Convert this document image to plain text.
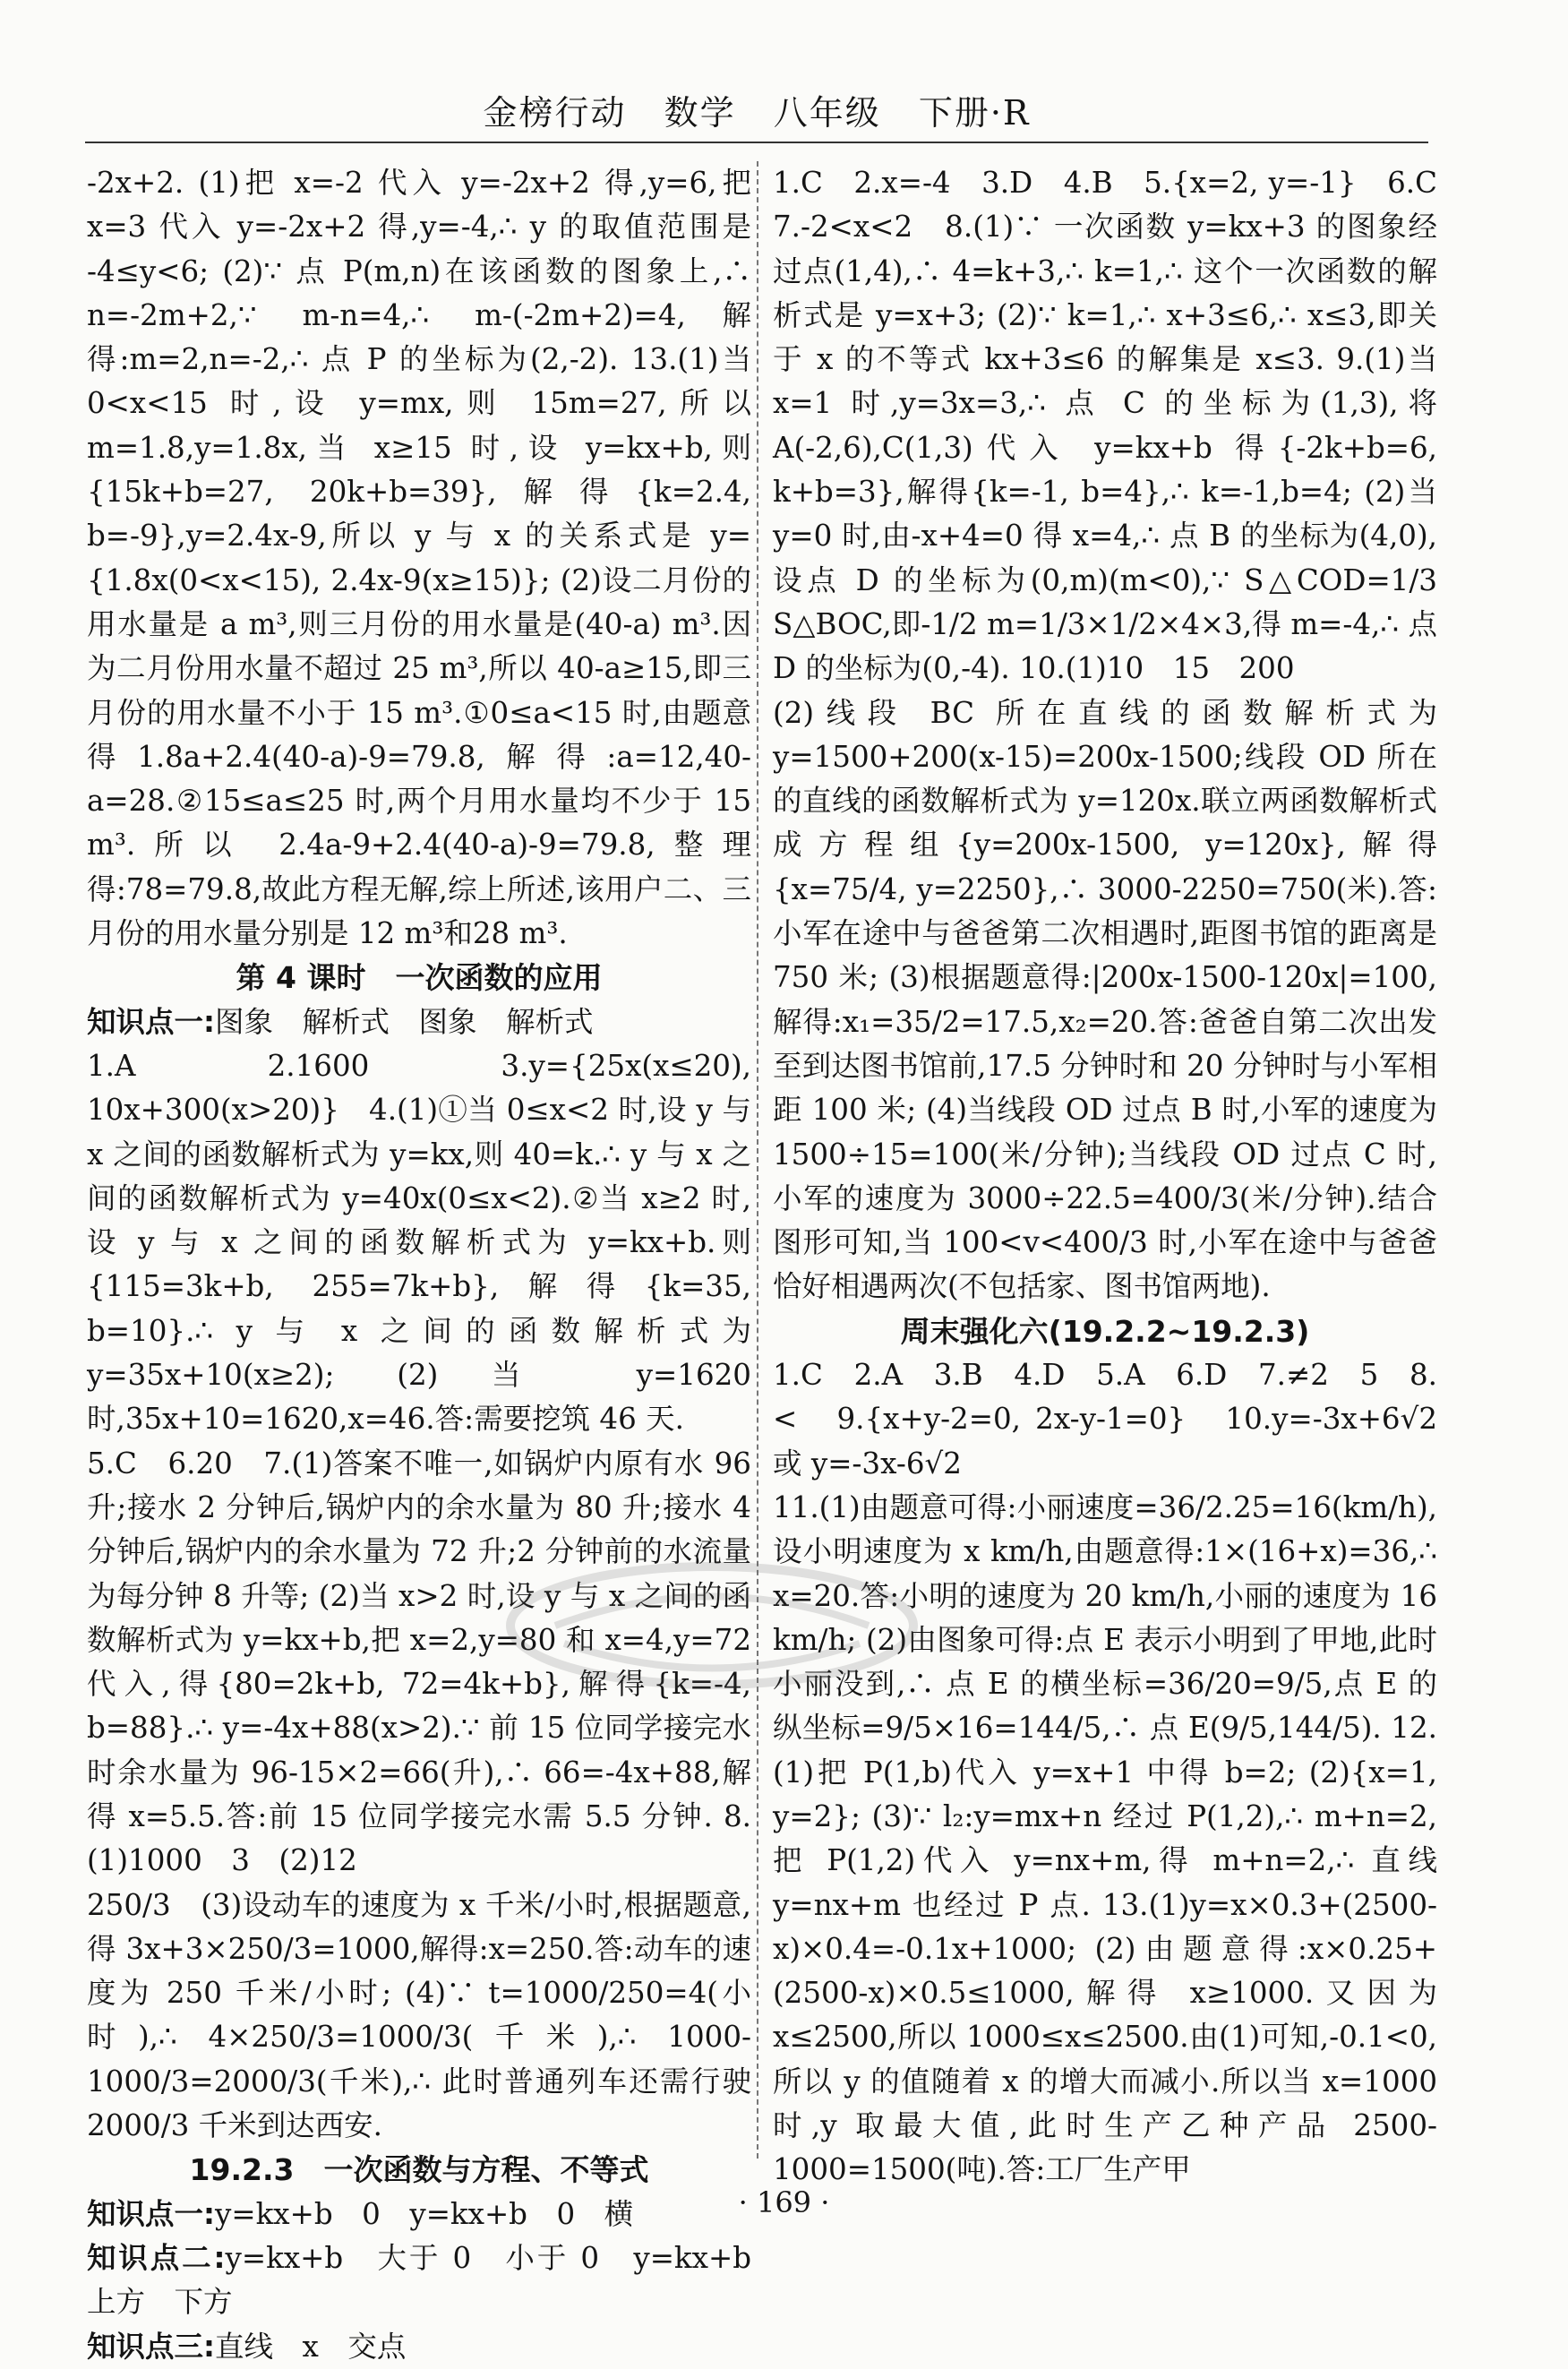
金榜行动 数学 八年级 下册·R

-2x+2. (1)把 x=-2 代入 y=-2x+2 得,y=6,把 x=3 代入 y=-2x+2 得,y=-4,∴ y 的取值范围是 -4≤y<6; (2)∵ 点 P(m,n)在该函数的图象上,∴ n=-2m+2,∵ m-n=4,∴ m-(-2m+2)=4,解得:m=2,n=-2,∴ 点 P 的坐标为(2,-2). 13.(1)当 0<x<15 时,设 y=mx,则 15m=27,所以 m=1.8,y=1.8x,当 x≥15 时,设 y=kx+b,则{15k+b=27, 20k+b=39},解得{k=2.4, b=-9},y=2.4x-9,所以 y 与 x 的关系式是 y={1.8x(0<x<15), 2.4x-9(x≥15)}; (2)设二月份的用水量是 a m³,则三月份的用水量是(40-a) m³.因为二月份用水量不超过 25 m³,所以 40-a≥15,即三月份的用水量不小于 15 m³.①0≤a<15 时,由题意得1.8a+2.4(40-a)-9=79.8,解得:a=12,40-a=28.②15≤a≤25 时,两个月用水量均不少于 15 m³.所以 2.4a-9+2.4(40-a)-9=79.8,整理得:78=79.8,故此方程无解,综上所述,该用户二、三月份的用水量分别是 12 m³和28 m³.

第 4 课时　一次函数的应用

知识点一:图象　解析式　图象　解析式

1.A　2.1600　3.y={25x(x≤20), 10x+300(x>20)}　4.(1)①当 0≤x<2 时,设 y 与 x 之间的函数解析式为 y=kx,则 40=k.∴ y 与 x 之间的函数解析式为 y=40x(0≤x<2).②当 x≥2 时,设 y 与 x 之间的函数解析式为 y=kx+b.则{115=3k+b, 255=7k+b},解得{k=35, b=10}.∴ y 与 x 之间的函数解析式为 y=35x+10(x≥2); (2)当 y=1620 时,35x+10=1620,x=46.答:需要挖筑 46 天.

5.C　6.20　7.(1)答案不唯一,如锅炉内原有水 96 升;接水 2 分钟后,锅炉内的余水量为 80 升;接水 4 分钟后,锅炉内的余水量为 72 升;2 分钟前的水流量为每分钟 8 升等; (2)当 x>2 时,设 y 与 x 之间的函数解析式为 y=kx+b,把 x=2,y=80 和 x=4,y=72 代入,得{80=2k+b, 72=4k+b},解得{k=-4, b=88}.∴ y=-4x+88(x>2).∵ 前 15 位同学接完水时余水量为 96-15×2=66(升),∴ 66=-4x+88,解得 x=5.5.答:前 15 位同学接完水需 5.5 分钟. 8.(1)1000　3　(2)12

250/3　(3)设动车的速度为 x 千米/小时,根据题意,得 3x+3×250/3=1000,解得:x=250.答:动车的速度为 250 千米/小时; (4)∵ t=1000/250=4(小时),∴ 4×250/3=1000/3(千米),∴ 1000-1000/3=2000/3(千米),∴ 此时普通列车还需行驶 2000/3 千米到达西安.

19.2.3　一次函数与方程、不等式

知识点一:y=kx+b　0　y=kx+b　0　横

知识点二:y=kx+b　大于 0　小于 0　y=kx+b　上方　下方

知识点三:直线　x　交点

1.C　2.x=-4　3.D　4.B　5.{x=2, y=-1}　6.C　7.-2<x<2　8.(1)∵ 一次函数 y=kx+3 的图象经过点(1,4),∴ 4=k+3,∴ k=1,∴ 这个一次函数的解析式是 y=x+3; (2)∵ k=1,∴ x+3≤6,∴ x≤3,即关于 x 的不等式 kx+3≤6 的解集是 x≤3. 9.(1)当 x=1 时,y=3x=3,∴ 点 C 的坐标为(1,3),将 A(-2,6),C(1,3)代入 y=kx+b 得{-2k+b=6, k+b=3},解得{k=-1, b=4},∴ k=-1,b=4; (2)当 y=0 时,由-x+4=0 得 x=4,∴ 点 B 的坐标为(4,0),设点 D 的坐标为(0,m)(m<0),∵ S△COD=1/3 S△BOC,即-1/2 m=1/3×1/2×4×3,得 m=-4,∴ 点 D 的坐标为(0,-4). 10.(1)10　15　200

(2)线段 BC 所在直线的函数解析式为 y=1500+200(x-15)=200x-1500;线段 OD 所在的直线的函数解析式为 y=120x.联立两函数解析式成方程组{y=200x-1500, y=120x},解得{x=75/4, y=2250},∴ 3000-2250=750(米).答:小军在途中与爸爸第二次相遇时,距图书馆的距离是 750 米; (3)根据题意得:|200x-1500-120x|=100,解得:x₁=35/2=17.5,x₂=20.答:爸爸自第二次出发至到达图书馆前,17.5 分钟时和 20 分钟时与小军相距 100 米; (4)当线段 OD 过点 B 时,小军的速度为 1500÷15=100(米/分钟);当线段 OD 过点 C 时,小军的速度为 3000÷22.5=400/3(米/分钟).结合图形可知,当 100<v<400/3 时,小军在途中与爸爸恰好相遇两次(不包括家、图书馆两地).

周末强化六(19.2.2~19.2.3)

1.C　2.A　3.B　4.D　5.A　6.D　7.≠2　5　8.<　9.{x+y-2=0, 2x-y-1=0}　10.y=-3x+6√2 或 y=-3x-6√2

11.(1)由题意可得:小丽速度=36/2.25=16(km/h),设小明速度为 x km/h,由题意得:1×(16+x)=36,∴ x=20.答:小明的速度为 20 km/h,小丽的速度为 16 km/h; (2)由图象可得:点 E 表示小明到了甲地,此时小丽没到,∴ 点 E 的横坐标=36/20=9/5,点 E 的纵坐标=9/5×16=144/5,∴ 点 E(9/5,144/5). 12.(1)把 P(1,b)代入 y=x+1 中得 b=2; (2){x=1, y=2}; (3)∵ l₂:y=mx+n 经过 P(1,2),∴ m+n=2,把 P(1,2)代入 y=nx+m,得 m+n=2,∴ 直线 y=nx+m 也经过 P 点. 13.(1)y=x×0.3+(2500-x)×0.4=-0.1x+1000; (2)由题意得:x×0.25+(2500-x)×0.5≤1000,解得 x≥1000.又因为 x≤2500,所以 1000≤x≤2500.由(1)可知,-0.1<0,所以 y 的值随着 x 的增大而减小.所以当 x=1000 时,y 取最大值,此时生产乙种产品 2500-1000=1500(吨).答:工厂生产甲

· 169 ·
